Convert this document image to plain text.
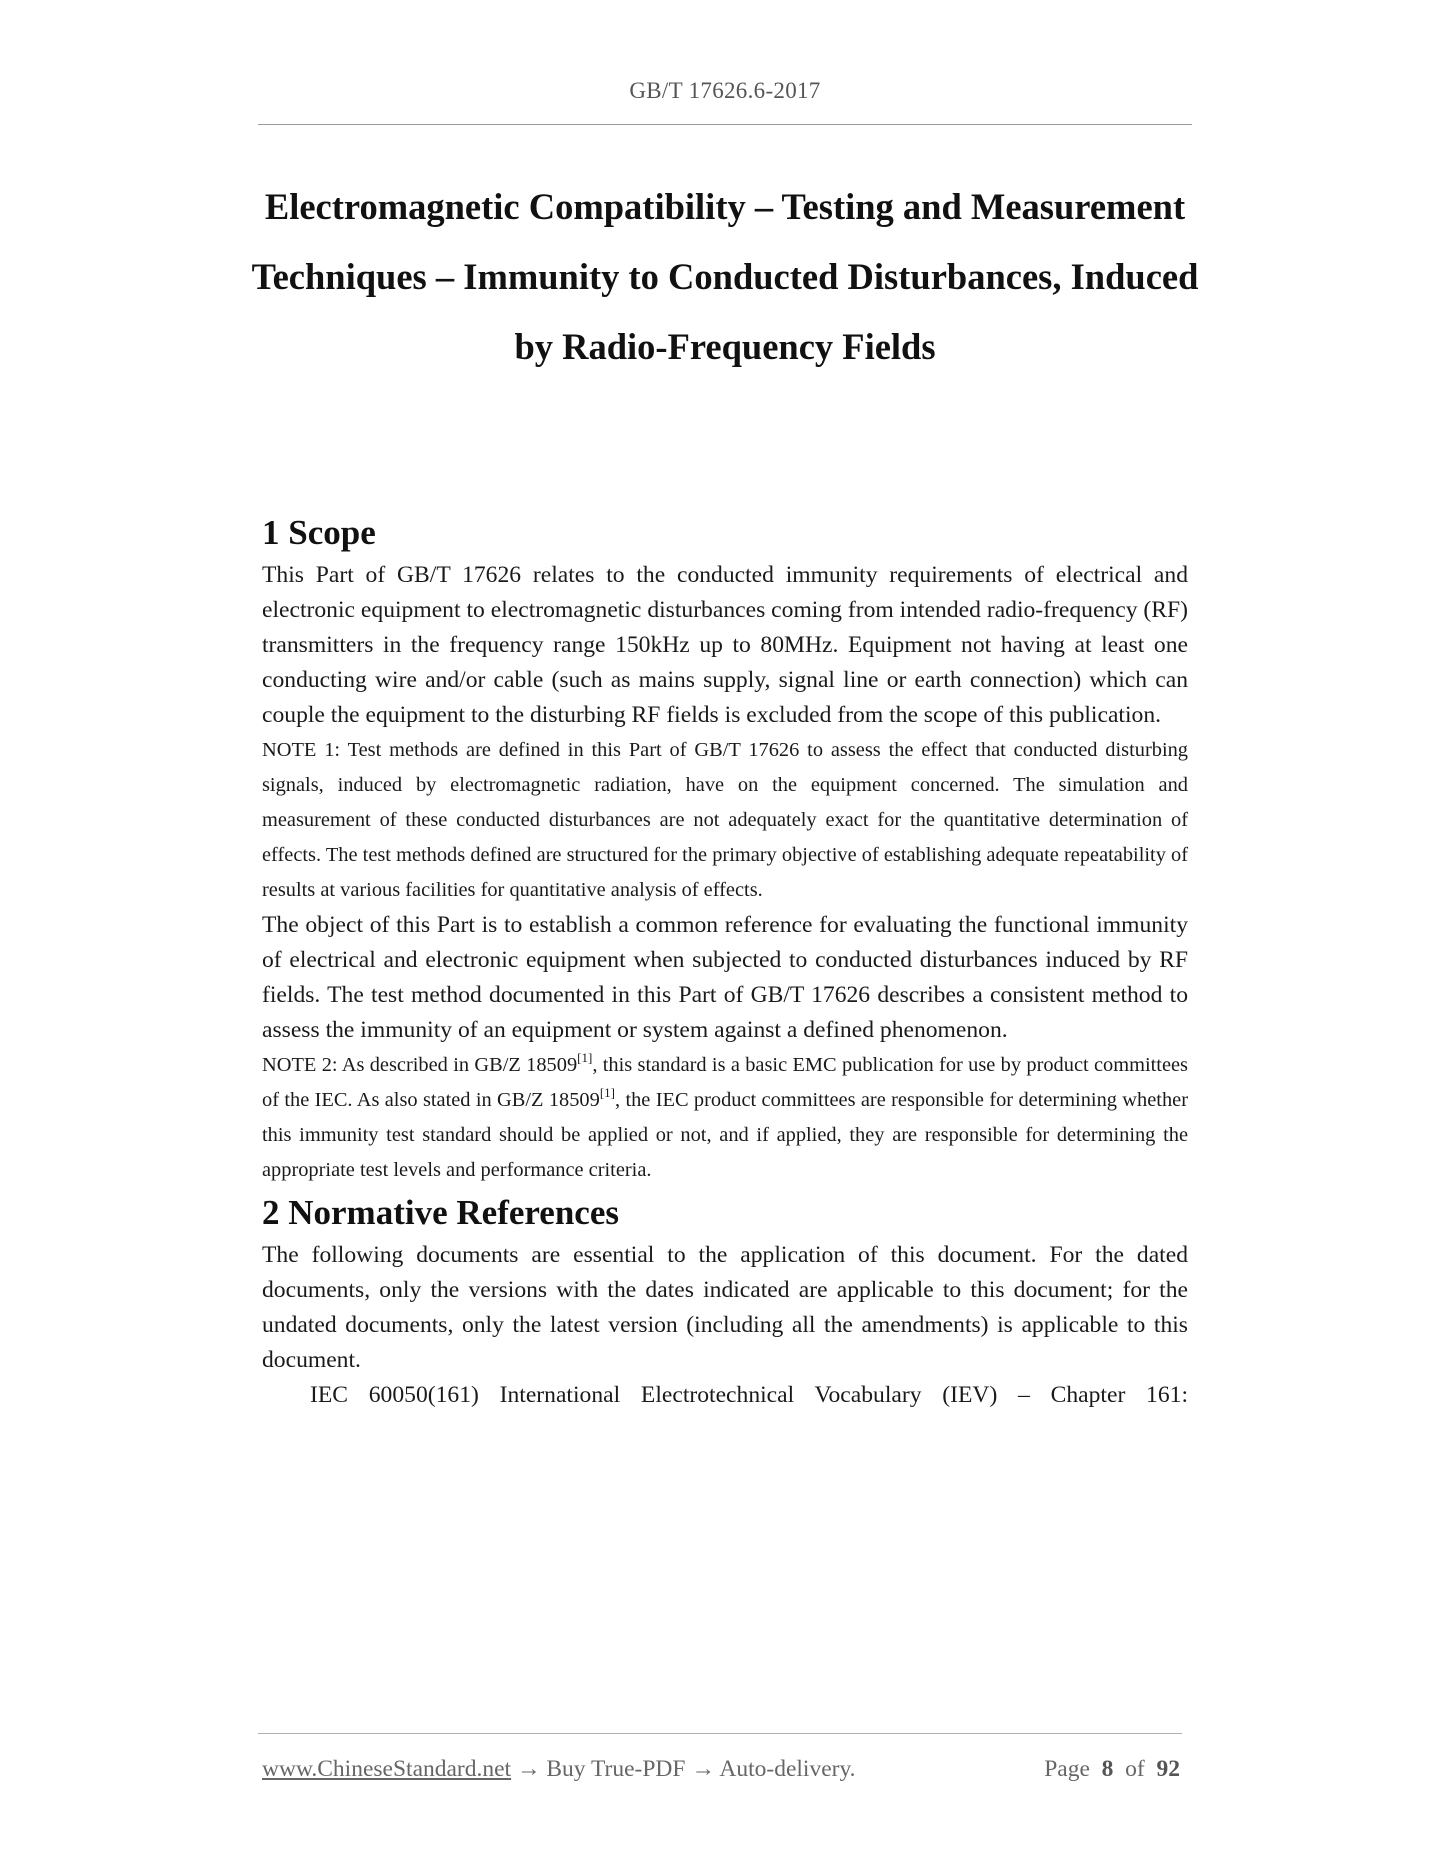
GB/T 17626.6-2017
Electromagnetic Compatibility – Testing and Measurement
Techniques – Immunity to Conducted Disturbances, Induced
by Radio-Frequency Fields
1 Scope

This Part of GB/T 17626 relates to the conducted immunity requirements of electrical and electronic equipment to electromagnetic disturbances coming from intended radio-frequency (RF) transmitters in the frequency range 150kHz up to 80MHz. Equipment not having at least one conducting wire and/or cable (such as mains supply, signal line or earth connection) which can couple the equipment to the disturbing RF fields is excluded from the scope of this publication.

NOTE 1: Test methods are defined in this Part of GB/T 17626 to assess the effect that conducted disturbing signals, induced by electromagnetic radiation, have on the equipment concerned. The simulation and measurement of these conducted disturbances are not adequately exact for the quantitative determination of effects. The test methods defined are structured for the primary objective of establishing adequate repeatability of results at various facilities for quantitative analysis of effects.

The object of this Part is to establish a common reference for evaluating the functional immunity of electrical and electronic equipment when subjected to conducted disturbances induced by RF fields. The test method documented in this Part of GB/T 17626 describes a consistent method to assess the immunity of an equipment or system against a defined phenomenon.

NOTE 2: As described in GB/Z 18509[1], this standard is a basic EMC publication for use by product committees of the IEC. As also stated in GB/Z 18509[1], the IEC product committees are responsible for determining whether this immunity test standard should be applied or not, and if applied, they are responsible for determining the appropriate test levels and performance criteria.

2 Normative References

The following documents are essential to the application of this document. For the dated documents, only the versions with the dates indicated are applicable to this document; for the undated documents, only the latest version (including all the amendments) is applicable to this document.

IEC 60050(161) International Electrotechnical Vocabulary (IEV) – Chapter 161:

www.ChineseStandard.net → Buy True-PDF → Auto-delivery.	Page 8 of 92
